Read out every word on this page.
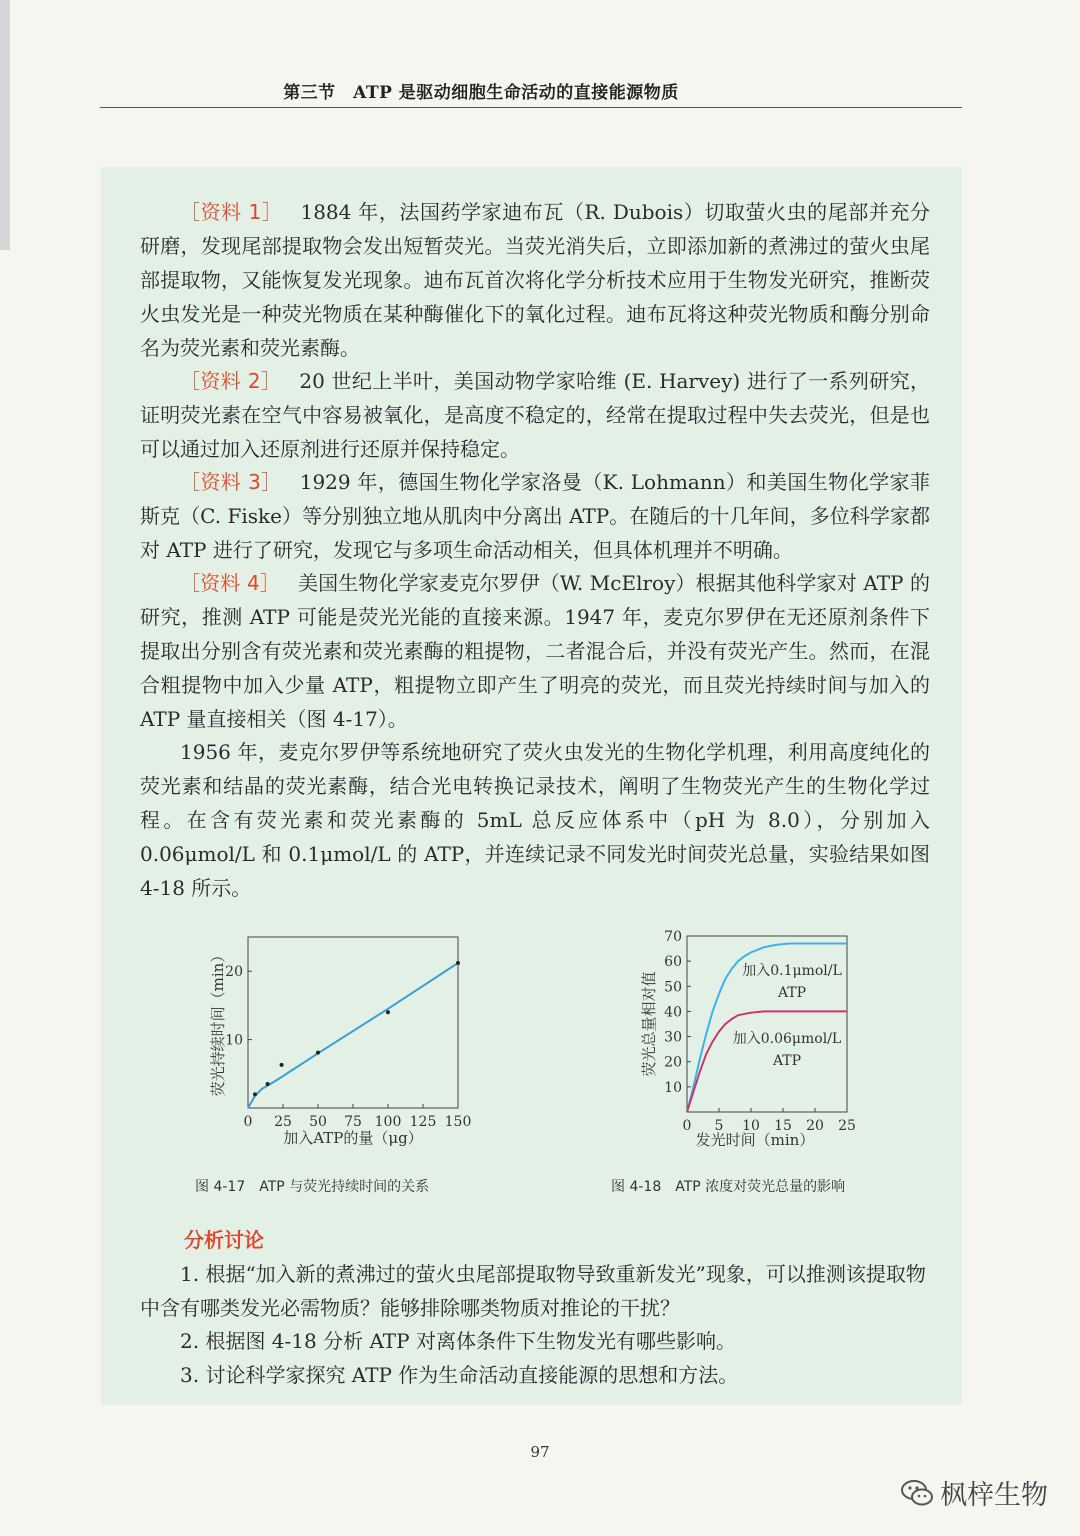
第三节　ATP 是驱动细胞生命活动的直接能源物质

［资料 1］ 1884 年，法国药学家迪布瓦（R. Dubois）切取萤火虫的尾部并充分研磨，发现尾部提取物会发出短暂荧光。当荧光消失后，立即添加新的煮沸过的萤火虫尾部提取物，又能恢复发光现象。迪布瓦首次将化学分析技术应用于生物发光研究，推断荧火虫发光是一种荧光物质在某种酶催化下的氧化过程。迪布瓦将这种荧光物质和酶分别命名为荧光素和荧光素酶。

［资料 2］ 20 世纪上半叶，美国动物学家哈维 (E. Harvey) 进行了一系列研究，证明荧光素在空气中容易被氧化，是高度不稳定的，经常在提取过程中失去荧光，但是也可以通过加入还原剂进行还原并保持稳定。

［资料 3］ 1929 年，德国生物化学家洛曼（K. Lohmann）和美国生物化学家菲斯克（C. Fiske）等分别独立地从肌肉中分离出 ATP。在随后的十几年间，多位科学家都对 ATP 进行了研究，发现它与多项生命活动相关，但具体机理并不明确。

［资料 4］ 美国生物化学家麦克尔罗伊（W. McElroy）根据其他科学家对 ATP 的研究，推测 ATP 可能是荧光光能的直接来源。1947 年，麦克尔罗伊在无还原剂条件下提取出分别含有荧光素和荧光素酶的粗提物，二者混合后，并没有荧光产生。然而，在混合粗提物中加入少量 ATP，粗提物立即产生了明亮的荧光，而且荧光持续时间与加入的 ATP 量直接相关（图 4-17）。

1956 年，麦克尔罗伊等系统地研究了荧火虫发光的生物化学机理，利用高度纯化的荧光素和结晶的荧光素酶，结合光电转换记录技术，阐明了生物荧光产生的生物化学过程。在含有荧光素和荧光素酶的 5mL 总反应体系中（pH 为 8.0），分别加入 0.06μmol/L 和 0.1μmol/L 的 ATP，并连续记录不同发光时间荧光总量，实验结果如图 4-18 所示。

10
20
0 25 50 75 100 125 150
加入ATP的量（μg）
荧光持续时间（min）	10
20
30
40
50
60
70
0 5 10 15 20 25
加入0.1μmol/L
ATP
加入0.06μmol/L
ATP
发光时间（min）
荧光总量相对值
图 4-17　ATP 与荧光持续时间的关系	图 4-18　ATP 浓度对荧光总量的影响
分析讨论

1. 根据“加入新的煮沸过的萤火虫尾部提取物导致重新发光”现象，可以推测该提取物中含有哪类发光必需物质？能够排除哪类物质对推论的干扰？

2. 根据图 4-18 分析 ATP 对离体条件下生物发光有哪些影响。

3. 讨论科学家探究 ATP 作为生命活动直接能源的思想和方法。

97
枫梓生物
